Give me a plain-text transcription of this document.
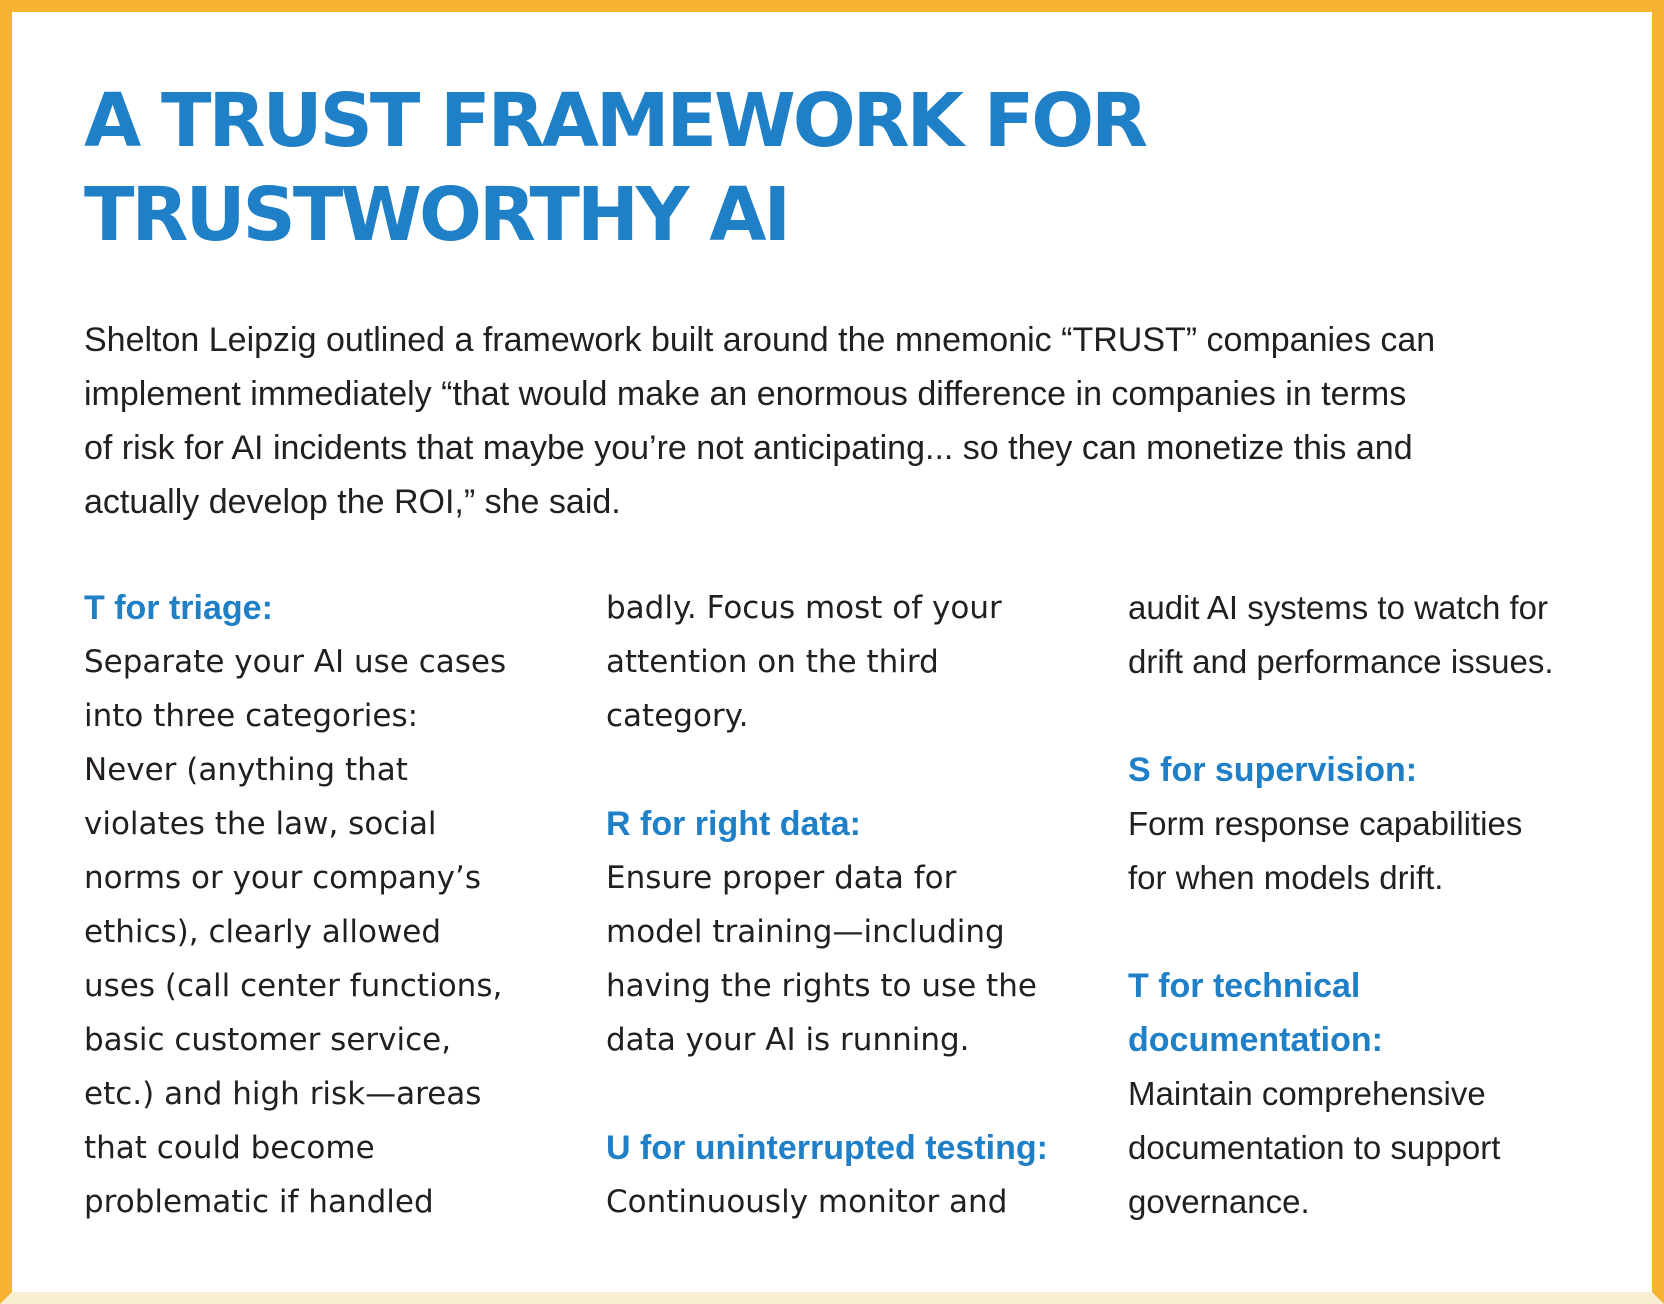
A TRUST FRAMEWORK FOR
TRUSTWORTHY AI

Shelton Leipzig outlined a framework built around the mnemonic “TRUST” companies can
implement immediately “that would make an enormous difference in companies in terms
of risk for AI incidents that maybe you’re not anticipating... so they can monetize this and
actually develop the ROI,” she said.

T for triage:
Separate your AI use cases
into three categories:
Never (anything that
violates the law, social
norms or your company’s
ethics), clearly allowed
uses (call center functions,
basic customer service,
etc.) and high risk—areas
that could become
problematic if handled
badly. Focus most of your
attention on the third
category.
R for right data:
Ensure proper data for
model training—including
having the rights to use the
data your AI is running.
U for uninterrupted testing:
Continuously monitor and
audit AI systems to watch for
drift and performance issues.
S for supervision:
Form response capabilities
for when models drift.
T for technical
documentation:
Maintain comprehensive
documentation to support
governance.
